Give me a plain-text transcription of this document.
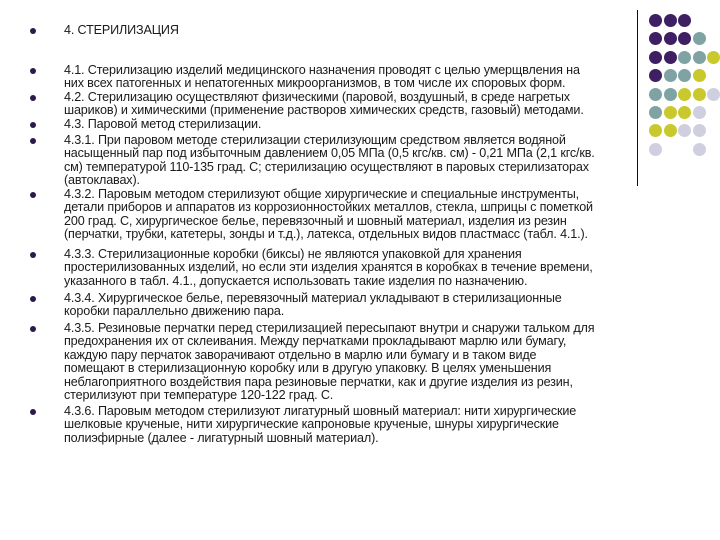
4. СТЕРИЛИЗАЦИЯ
4.1. Стерилизацию изделий медицинского назначения проводят с целью умерщвления на
них всех патогенных и непатогенных микроорганизмов, в том числе их споровых форм.
4.2. Стерилизацию осуществляют физическими (паровой, воздушный, в среде нагретых
шариков) и химическими (применение растворов химических средств, газовый) методами.
4.3. Паровой метод стерилизации.
4.3.1. При паровом методе стерилизации стерилизующим средством является водяной
насыщенный пар под избыточным давлением 0,05 МПа (0,5 кгс/кв. см) - 0,21 МПа (2,1 кгс/кв.
см) температурой 110-135 град. С; стерилизацию осуществляют в паровых стерилизаторах
(автоклавах).
4.3.2. Паровым методом стерилизуют общие хирургические и специальные инструменты,
детали приборов и аппаратов из коррозионностойких металлов, стекла, шприцы с пометкой
200 град. С, хирургическое белье, перевязочный и шовный материал, изделия из резин
(перчатки, трубки, катетеры, зонды и т.д.), латекса, отдельных видов пластмасс (табл. 4.1.).
4.3.3. Стерилизационные коробки (биксы) не являются упаковкой для хранения
простерилизованных изделий, но если эти изделия хранятся в коробках в течение времени,
указанного в табл. 4.1., допускается использовать такие изделия по назначению.
4.3.4. Хирургическое белье, перевязочный материал укладывают в стерилизационные
коробки параллельно движению пара.
4.3.5. Резиновые перчатки перед стерилизацией пересыпают внутри и снаружи тальком для
предохранения их от склеивания. Между перчатками прокладывают марлю или бумагу,
каждую пару перчаток заворачивают отдельно в марлю или бумагу и в таком виде
помещают в стерилизационную коробку или в другую упаковку. В целях уменьшения
неблагоприятного воздействия пара резиновые перчатки, как и другие изделия из резин,
стерилизуют при температуре 120-122 град. С.
4.3.6. Паровым методом стерилизуют лигатурный шовный материал: нити хирургические
шелковые крученые, нити хирургические капроновые крученые, шнуры хирургические
полиэфирные (далее - лигатурный шовный материал).
